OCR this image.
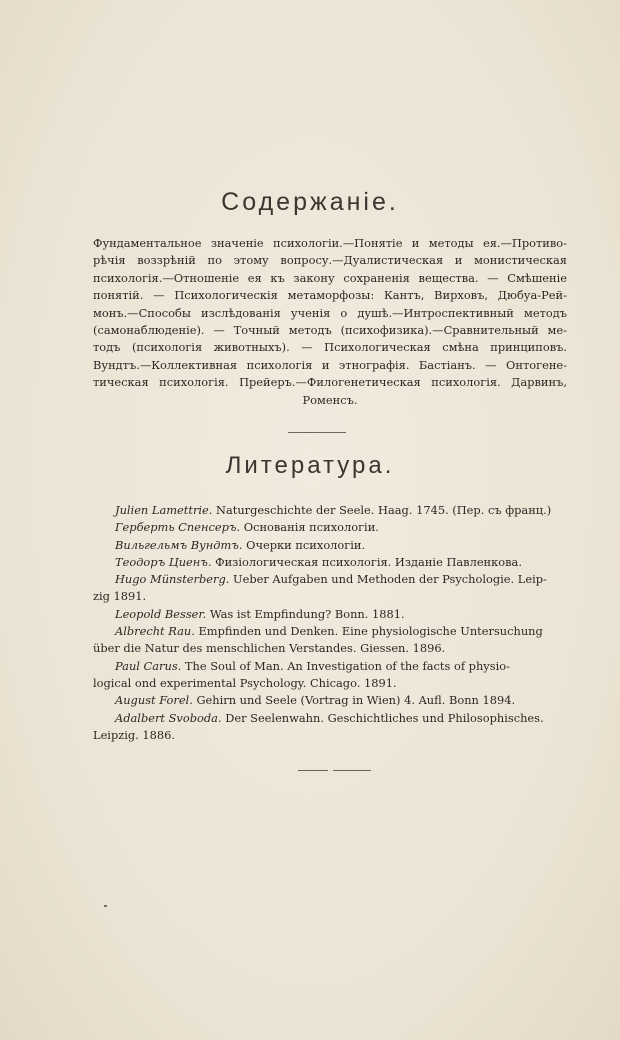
Содержаніе.
Фундаментальное значеніе психологіи.—Понятіе и методы ея.—Противо-
рѣчія воззрѣній по этому вопросу.—Дуалистическая и монистическая
психологія.—Отношеніе ея къ закону сохраненія вещества. — Смѣшеніе
понятій. — Психологическія метаморфозы: Кантъ, Вирховъ, Дюбуа-Рей-
монъ.—Способы изслѣдованія ученія о душѣ.—Интроспективный методъ
(самонаблюденіе). — Точный методъ (психофизика).—Сравнительный ме-
тодъ (психологія животныхъ). — Психологическая смѣна принциповъ.
Вундтъ.—Коллективная психологія и этнографія. Бастіанъ. — Онтогене-
тическая психологія. Прейеръ.—Филогенетическая психологія. Дарвинъ,
Роменсъ.
Литература.
Julien Lamettrie. Naturgeschichte der Seele. Haag. 1745. (Пер. съ франц.)
Герберть Спенсеръ. Основанія психологіи.
Вильгельмъ Вундтъ. Очерки психологіи.
Теодоръ Циенъ. Физіологическая психологія. Изданіе Павленкова.
Hugo Münsterberg. Ueber Aufgaben und Methoden der Psychologie. Leip-
zig 1891.
Leopold Besser. Was ist Empfindung? Bonn. 1881.
Albrecht Rau. Empfinden und Denken. Eine physiologische Untersuchung
über die Natur des menschlichen Verstandes. Giessen. 1896.
Paul Carus. The Soul of Man. An Investigation of the facts of physio-
logical ond experimental Psychology. Chicago. 1891.
August Forel. Gehirn und Seele (Vortrag in Wien) 4. Aufl. Bonn 1894.
Adalbert Svoboda. Der Seelenwahn. Geschichtliches und Philosophisches.
Leipzig. 1886.
